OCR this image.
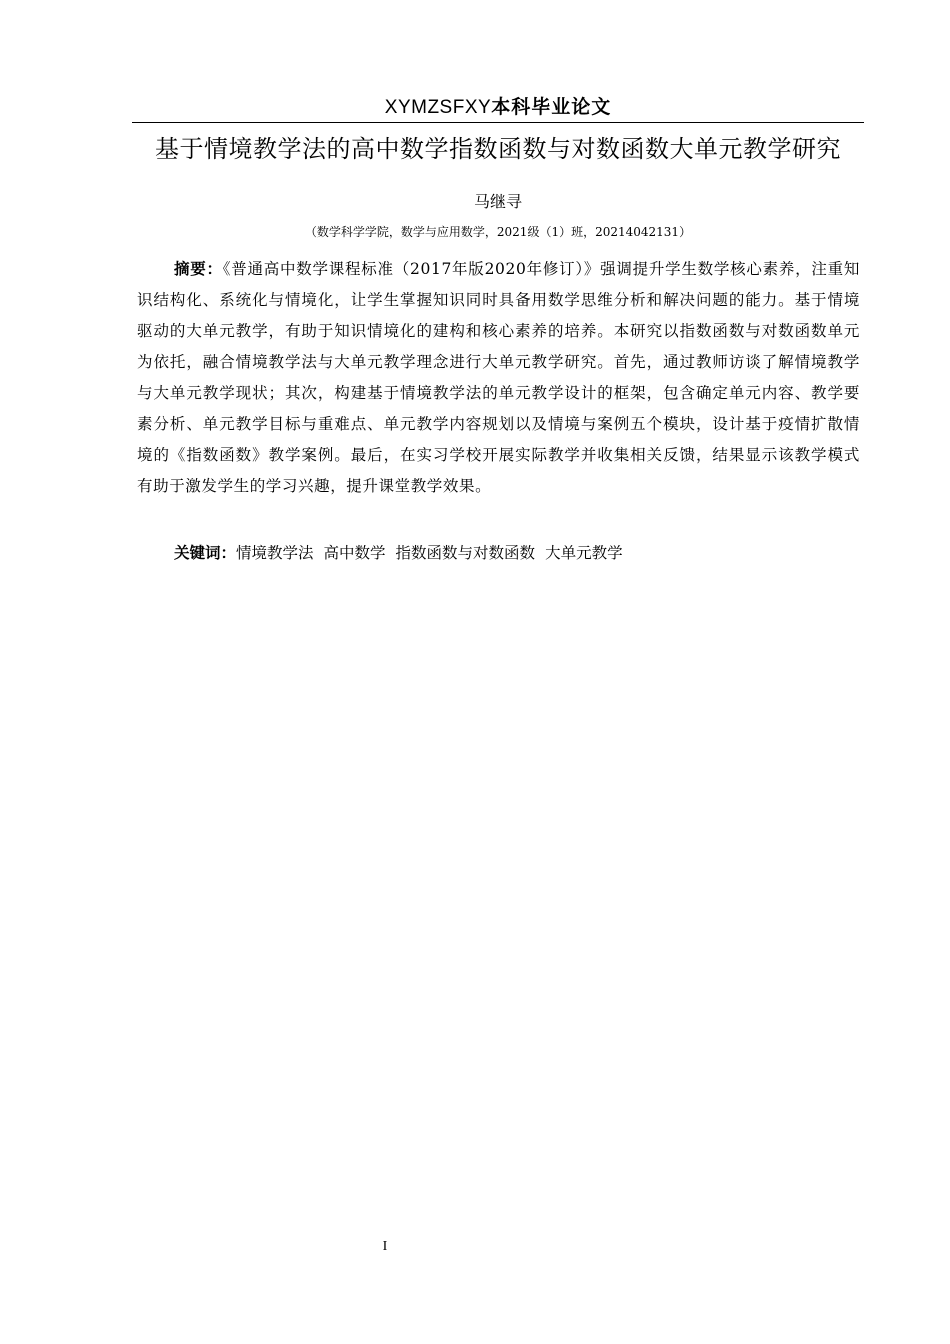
XYMZSFXY本科毕业论文
基于情境教学法的高中数学指数函数与对数函数大单元教学研究
马继寻
（数学科学学院，数学与应用数学，2021级（1）班，20214042131）
摘要：《普通高中数学课程标准（2017年版2020年修订）》强调提升学生数学核心素养，注重知识结构化、系统化与情境化，让学生掌握知识同时具备用数学思维分析和解决问题的能力。基于情境驱动的大单元教学，有助于知识情境化的建构和核心素养的培养。本研究以指数函数与对数函数单元为依托，融合情境教学法与大单元教学理念进行大单元教学研究。首先，通过教师访谈了解情境教学与大单元教学现状；其次，构建基于情境教学法的单元教学设计的框架，包含确定单元内容、教学要素分析、单元教学目标与重难点、单元教学内容规划以及情境与案例五个模块，设计基于疫情扩散情境的《指数函数》教学案例。最后，在实习学校开展实际教学并收集相关反馈，结果显示该教学模式有助于激发学生的学习兴趣，提升课堂教学效果。
关键词：情境教学法 高中数学 指数函数与对数函数 大单元教学
I
